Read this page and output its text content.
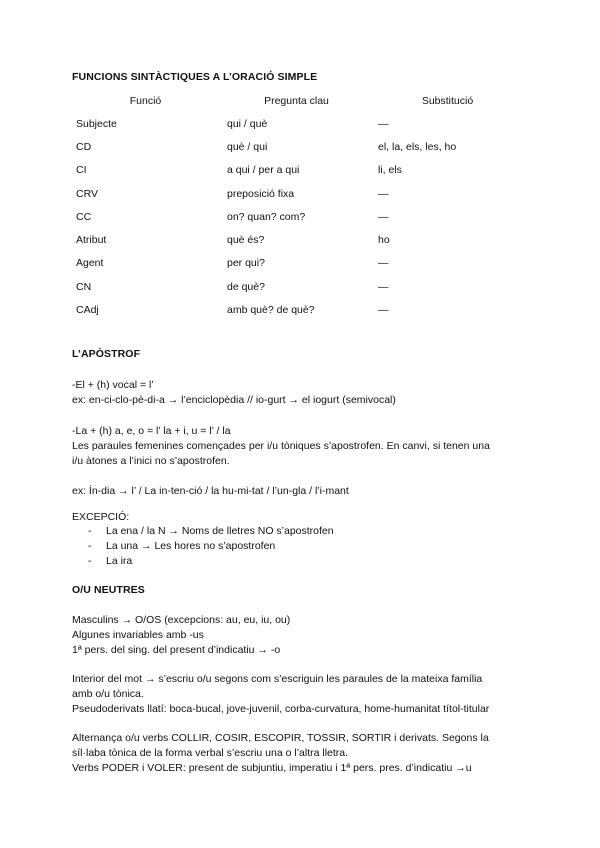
FUNCIONS SINTÀCTIQUES A L’ORACIÓ SIMPLE
Funció	Pregunta clau	Substitució
Subjecte	qui / què	—
CD	què / qui	el, la, els, les, ho
CI	a qui / per a qui	li, els
CRV	preposició fixa	—
CC	on? quan? com?	—
Atribut	què és?	ho
Agent	per qui?	—
CN	de què?	—
CAdj	amb què? de què?	—
L’APÒSTROF
-El + (h) vocal = l’
ex: en-ci-clo-pè-di-a → l’enciclopèdia // io-gurt → el iogurt (semivocal)
-La + (h) a, e, o = l’ la + i, u = l’ / la
Les paraules femenines començades per i/u tòniques s’apostrofen. En canvi, si tenen una
i/u àtones a l’inici no s’apostrofen.
ex: Ín-dia → l’ / La in-ten-ció / la hu-mi-tat / l’un-gla / l’i-mant
EXCEPCIÓ:
- La ena / la N → Noms de lletres NO s’apostrofen
- La una → Les hores no s’apostrofen
- La ira
O/U NEUTRES
Masculins → O/OS (excepcions: au, eu, iu, ou)
Algunes invariables amb -us
1ª pers. del sing. del present d’indicatiu → -o
Interior del mot → s’escriu o/u segons com s’escriguin les paraules de la mateixa família
amb o/u tònica.
Pseudoderivats llatí: boca-bucal, jove-juvenil, corba-curvatura, home-humanitat títol-titular
Alternança o/u verbs COLLIR, COSIR, ESCOPIR, TOSSIR, SORTIR i derivats. Segons la
síl·laba tònica de la forma verbal s’escriu una o l’altra lletra.
Verbs PODER i VOLER: present de subjuntiu, imperatiu i 1ª pers. pres. d’indicatiu →u
